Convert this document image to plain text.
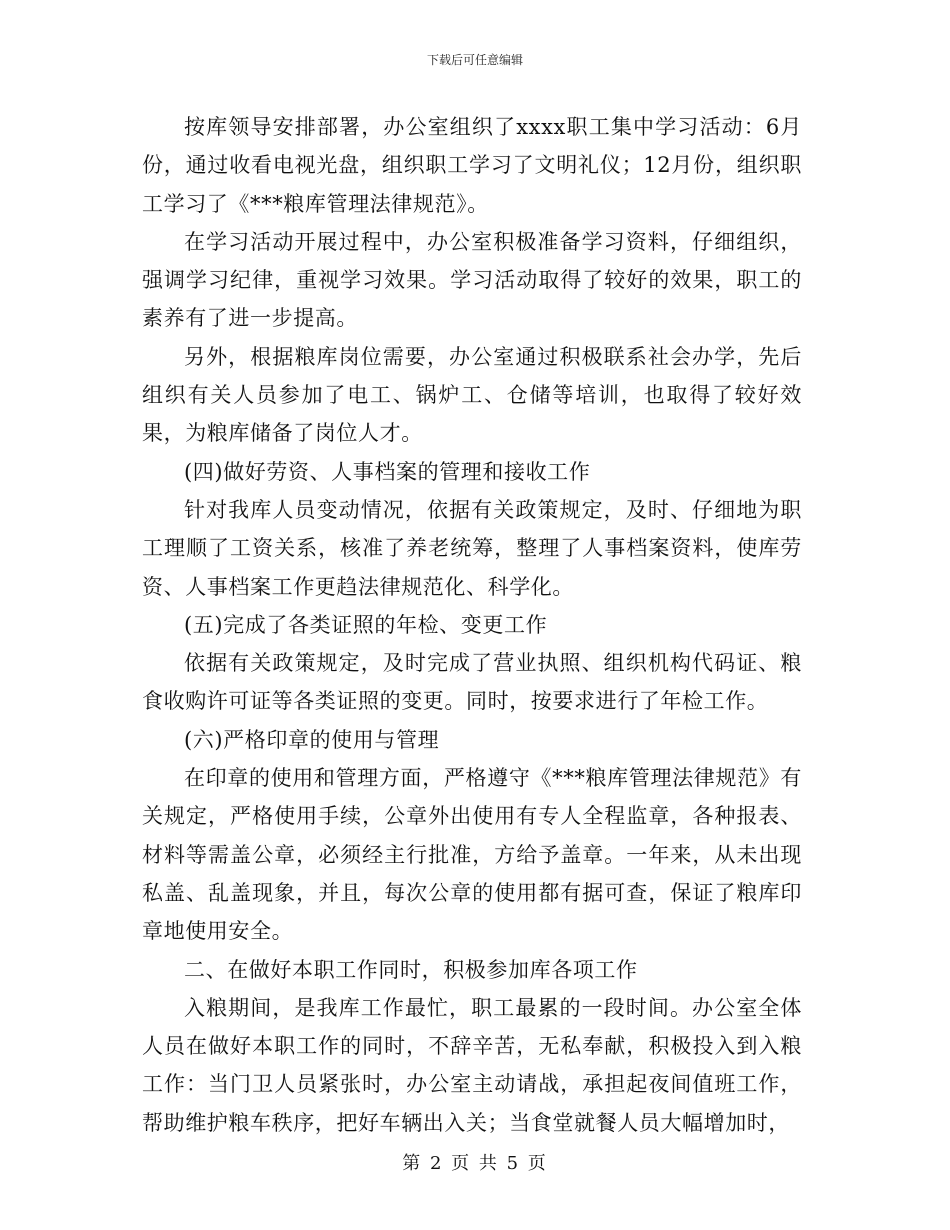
下载后可任意编辑

按库领导安排部署，办公室组织了xxxx职工集中学习活动：6月份，通过收看电视光盘，组织职工学习了文明礼仪；12月份，组织职工学习了《***粮库管理法律规范》。

在学习活动开展过程中，办公室积极准备学习资料，仔细组织，强调学习纪律，重视学习效果。学习活动取得了较好的效果，职工的素养有了进一步提高。

另外，根据粮库岗位需要，办公室通过积极联系社会办学，先后组织有关人员参加了电工、锅炉工、仓储等培训，也取得了较好效果，为粮库储备了岗位人才。

(四)做好劳资、人事档案的管理和接收工作

针对我库人员变动情况，依据有关政策规定，及时、仔细地为职工理顺了工资关系，核准了养老统筹，整理了人事档案资料，使库劳资、人事档案工作更趋法律规范化、科学化。

(五)完成了各类证照的年检、变更工作

依据有关政策规定，及时完成了营业执照、组织机构代码证、粮食收购许可证等各类证照的变更。同时，按要求进行了年检工作。

(六)严格印章的使用与管理

在印章的使用和管理方面，严格遵守《***粮库管理法律规范》有关规定，严格使用手续，公章外出使用有专人全程监章，各种报表、材料等需盖公章，必须经主行批准，方给予盖章。一年来，从未出现私盖、乱盖现象，并且，每次公章的使用都有据可查，保证了粮库印章地使用安全。

二、在做好本职工作同时，积极参加库各项工作

入粮期间，是我库工作最忙，职工最累的一段时间。办公室全体人员在做好本职工作的同时，不辞辛苦，无私奉献，积极投入到入粮工作：当门卫人员紧张时，办公室主动请战，承担起夜间值班工作，帮助维护粮车秩序，把好车辆出入关；当食堂就餐人员大幅增加时，

第 2 页 共 5 页
